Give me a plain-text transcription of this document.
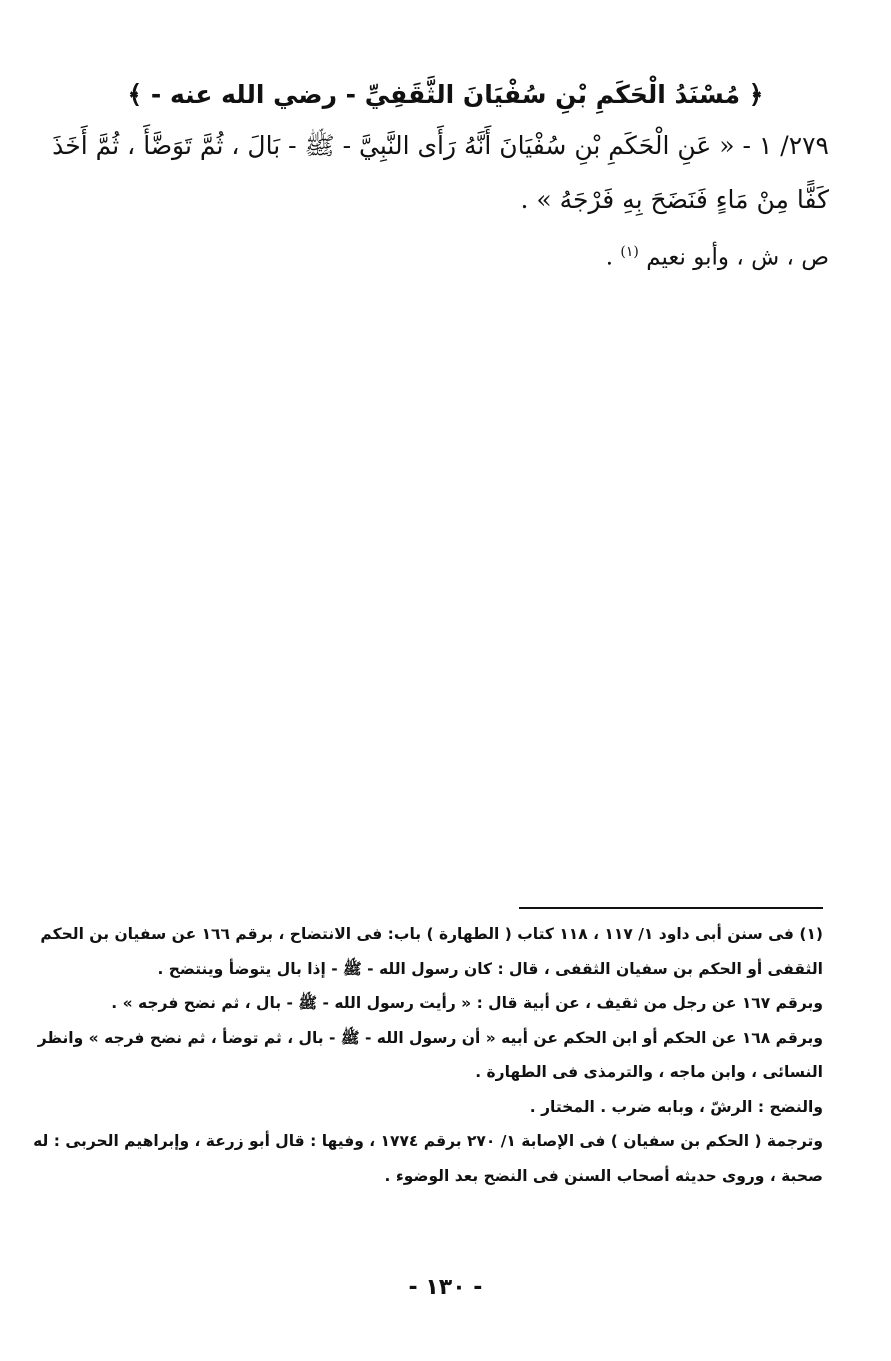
﴿ مُسْنَدُ الْحَكَمِ بْنِ سُفْيَانَ الثَّقَفِيِّ - رضي الله عنه - ﴾
٢٧٩/ ١ - « عَنِ الْحَكَمِ بْنِ سُفْيَانَ أَنَّهُ رَأَى النَّبِيَّ - ﷺ - بَالَ ، ثُمَّ تَوَضَّأَ ، ثُمَّ أَخَذَ
كَفًّا مِنْ مَاءٍ فَنَضَحَ بِهِ فَرْجَهُ » .
ص ، ش ، وأبو نعيم $^{(١)}$ .
(١) فى سنن أبى داود ١/ ١١٧ ، ١١٨ كتاب ( الطهارة ) باب: فى الانتضاح ، برقم ١٦٦ عن سفيان بن الحكم
الثقفى أو الحكم بن سفيان الثقفى ، قال : كان رسول الله - ﷺ - إذا بال يتوضأ وينتضح .
وبرقم ١٦٧ عن رجل من ثقيف ، عن أبية قال : « رأيت رسول الله - ﷺ - بال ، ثم نضح فرجه » .
وبرقم ١٦٨ عن الحكم أو ابن الحكم عن أبيه « أن رسول الله - ﷺ - بال ، ثم توضأ ، ثم نضح فرجه » وانظر
النسائى ، وابن ماجه ، والترمذى فى الطهارة .
والنضح : الرشّ ، وبابه ضرب . المختار .
وترجمة ( الحكم بن سفيان ) فى الإصابة ١/ ٢٧٠ برقم ١٧٧٤ ، وفيها : قال أبو زرعة ، وإبراهيم الحربى : له
صحبة ، وروى حديثه أصحاب السنن فى النضح بعد الوضوء .
- ١٣٠ -
